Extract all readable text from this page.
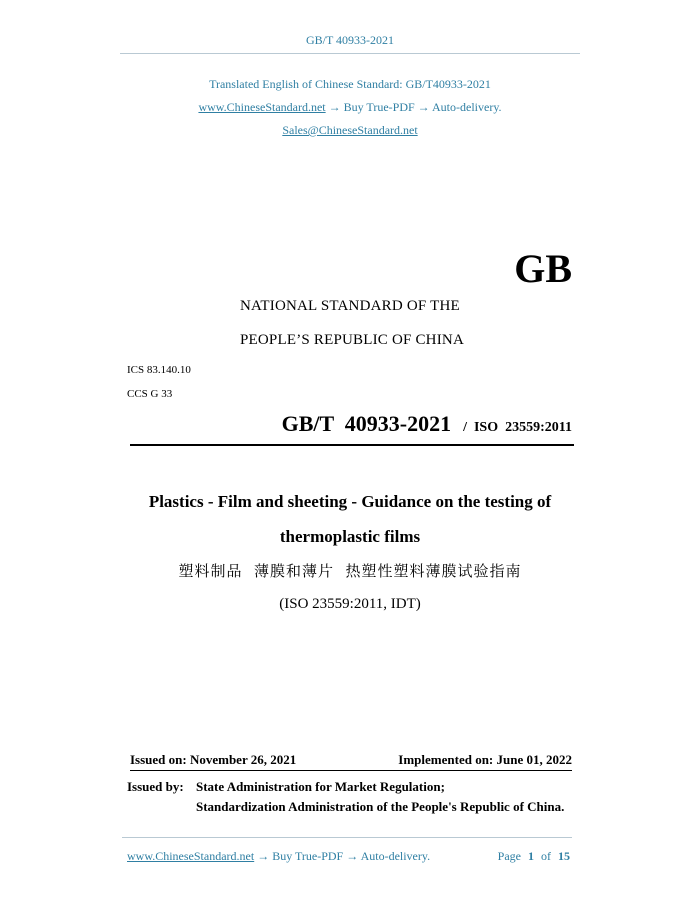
GB/T 40933-2021
Translated English of Chinese Standard: GB/T40933-2021
www.ChineseStandard.net → Buy True-PDF → Auto-delivery.
Sales@ChineseStandard.net
GB
NATIONAL STANDARD OF THE
PEOPLE’S REPUBLIC OF CHINA
ICS 83.140.10
CCS G 33
GB/T  40933-2021 /  ISO  23559:2011
Plastics - Film and sheeting - Guidance on the testing of
thermoplastic films
塑料制品  薄膜和薄片  热塑性塑料薄膜试验指南
(ISO 23559:2011, IDT)
Issued on: November 26, 2021	Implemented on: June 01, 2022
Issued by: State Administration for Market Regulation;
Standardization Administration of the People's Republic of China.
www.ChineseStandard.net → Buy True-PDF → Auto-delivery.	Page 1 of 15
